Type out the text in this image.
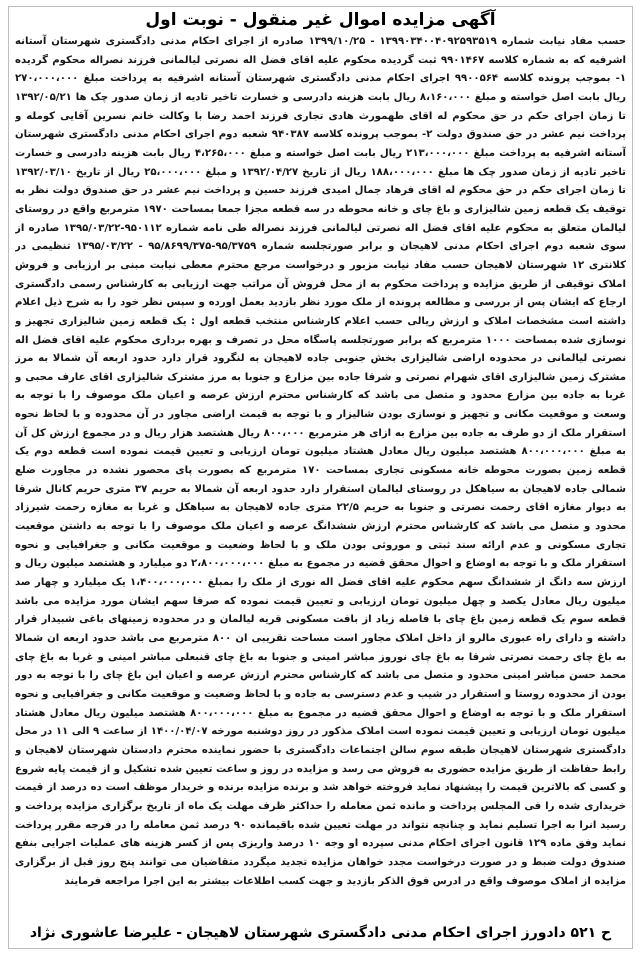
آگهی مزایده اموال غیر منقول - نوبت اول

حسب مفاد نیابت شماره ۱۳۹۹۰۳۴۰۰۴۰۹۲۵۹۳۵۱۹ - ۱۳۹۹/۱۰/۲۵ صادره از اجرای احکام مدنی دادگستری شهرستان آستانه اشرفیه که به شماره کلاسه ۹۹۰۱۴۶۷ ثبت گردیده محکوم علیه اقای فضل اله نصرتی لیالمانی فرزند نصراله محکوم گردیده ۱- بموجب پرونده کلاسه ۹۹۰۰۵۶۴ اجرای احکام مدنی دادگستری شهرستان آستانه اشرفیه به پرداخت مبلغ ۲۷۰،۰۰۰،۰۰۰ ریال بابت اصل خواسته و مبلغ ۸،۱۶۰،۰۰۰ ریال بابت هزینه دادرسی و خسارت تاخیر تادیه از زمان صدور چک ها ۱۳۹۲/۰۵/۲۱ تا زمان اجرای حکم در حق محکوم له اقای طهمورث هادی تجاری فرزند احمد رضا با وکالت خانم نسرین آقایی کومله و پرداخت نیم عشر در حق صندوق دولت ۲- بموجب پرونده کلاسه ۹۴۰۳۸۷ شعبه دوم اجرای احکام مدنی دادگستری شهرستان آستانه اشرفیه به پرداخت مبلغ ۲۱۳،۰۰۰،۰۰۰ ریال بابت اصل خواسته و مبلغ ۴،۲۶۵،۰۰۰ ریال بابت هزینه دادرسی و خسارت تاخیر تادیه از زمان صدور چک ها مبلغ ۱۸۸،۰۰۰،۰۰۰ ریال از تاریخ ۱۳۹۲/۰۴/۲۷ و مبلغ ۲۵،۰۰۰،۰۰۰ ریال از تاریخ ۱۳۹۲/۰۳/۱۰ تا زمان اجرای حکم در حق محکوم له اقای فرهاد جمال امیدی فرزند حسین و پرداخت نیم عشر در حق صندوق دولت نظر به توقیف یک قطعه زمین شالیزاری و باغ چای و خانه محوطه در سه قطعه مجزا جمعا بمساحت ۱۹۷۰ مترمربع واقع در روستای لیالمان متعلق به محکوم علیه اقای فضل اله نصرتی لیالمانی فرزند نصراله طی نامه شماره ۹۵۰۱۱۲-۱۳۹۵/۰۳/۲۲ صادره از سوی شعبه دوم اجرای احکام مدنی لاهیجان و برابر صورتجلسه شماره ۹۵/۳۷۵۹-۹۵/۸۶۹۹/۳۷۵ - ۱۳۹۵/۰۳/۲۲ تنظیمی در کلانتری ۱۲ شهرستان لاهیجان حسب مفاد نیابت مزبور و درخواست مرجع محترم معطی نیابت مبنی بر ارزیابی و فروش املاک توقیفی از طریق مزایده و پرداخت محکوم به از محل فروش آن مراتب جهت ارزیابی به کارشناس رسمی دادگستری ارجاع که ایشان پس از بررسی و مطالعه پرونده از ملک مورد نظر بازدید بعمل اورده و سپس نظر خود را به شرح ذیل اعلام داشته است مشخصات املاک و ارزش ریالی حسب اعلام کارشناس منتخب قطعه اول : یک قطعه زمین شالیزاری تجهیز و نوسازی شده بمساحت ۱۰۰۰ مترمربع که برابر صورتجلسه پاسگاه محل در تصرف و بهره برداری محکوم علیه اقای فضل اله نصرتی لیالمانی در محدوده اراضی شالیزاری بخش جنوبی جاده لاهیجان به لنگرود قرار دارد حدود اربعه آن شمالا به مرز مشترک زمین شالیزاری اقای شهرام نصرتی و شرقا جاده بین مزارع و جنوبا به مرز مشترک شالیزاری اقای عارف محبی و غربا به جاده بین مزارع محدود و متصل می باشد که کارشناس محترم ارزش عرصه و اعیان ملک موصوف را با توجه به وسعت و موقعیت مکانی و تجهیز و نوسازی بودن شالیزار و با توجه به قیمت اراضی مجاور در آن محدوده و با لحاظ نحوه استقرار ملک از دو طرف به جاده بین مزارع به ازای هر مترمربع ۸۰۰،۰۰۰ ریال هشتصد هزار ریال و در مجموع ارزش کل آن به مبلغ ۸۰۰،۰۰۰،۰۰۰ هشتصد میلیون ریال معادل هشتاد میلیون تومان ارزیابی و تعیین قیمت نموده است قطعه دوم یک قطعه زمین بصورت محوطه خانه مسکونی تجاری بمساحت ۱۷۰ مترمربع که بصورت پای محصور نشده در مجاورت ضلع شمالی جاده لاهیجان به سیاهکل در روستای لیالمان استقرار دارد حدود اربعه آن شمالا به حریم ۳۷ متری حریم کانال شرقا به دیوار مغازه اقای رحمت نصرتی و جنوبا به حریم ۲۲/۵ متری جاده لاهیجان به سیاهکل و غربا به مغازه رحمت شیرزاد محدود و متصل می باشد که کارشناس محترم ارزش ششدانگ عرصه و اعیان ملک موصوف را با توجه به داشتن موقعیت تجاری مسکونی و عدم ارائه سند ثبتی و موروثی بودن ملک و با لحاظ وضعیت و موقعیت مکانی و جغرافیایی و نحوه استقرار ملک و با توجه به اوضاع و احوال محقق قضیه در مجموع به مبلغ ۲،۸۰۰،۰۰۰،۰۰۰ دو میلیارد و هشتصد میلیون ریال و ارزش سه دانگ از ششدانگ سهم محکوم علیه اقای فضل اله نوری از ملک را بمبلغ ۱،۴۰۰،۰۰۰،۰۰۰ یک میلیارد و چهار صد میلیون ریال معادل یکصد و چهل میلیون تومان ارزیابی و تعیین قیمت نموده که صرفا سهم ایشان مورد مزایده می باشد قطعه سوم یک قطعه زمین باغ چای با فاصله زیاد از بافت مسکونی قریه لیالمان و در محدوده زمینهای باغی شبیدار قرار داشته و دارای راه عبوری مالرو از داخل املاک مجاور است مساحت تقریبی ان ۸۰۰ مترمربع می باشد حدود اربعه ان شمالا به باغ چای رحمت نصرتی شرقا به باغ چای نوروز مباشر امینی و جنوبا به باغ چای قنبعلی مباشر امینی و غربا به باغ چای محمد حسن مباشر امینی محدود و متصل می باشد که کارشناس محترم ارزش عرصه و اعیان این باغ چای را با توجه به دور بودن از محدوده روستا و استقرار در شیب و عدم دسترسی به جاده و با لحاظ وضعیت و موقعیت مکانی و جغرافیایی و نحوه استقرار ملک و با توجه به اوضاع و احوال محقق قضیه در مجموع به مبلغ ۸۰۰،۰۰۰،۰۰۰ هشتصد میلیون ریال معادل هشتاد میلیون تومان ارزیابی و تعیین قیمت نموده است املاک مذکور در روز دوشنبه مورخه ۱۴۰۰/۰۴/۰۷ از ساعت ۹ الی ۱۱ در محل دادگستری شهرستان لاهیجان طبقه سوم سالن اجتماعات دادگستری با حضور نماینده محترم دادستان شهرستان لاهیجان و رابط حفاظت از طریق مزایده حضوری به فروش می رسد و مزایده در روز و ساعت تعیین شده تشکیل و از قیمت پایه شروع و کسی که بالاترین قیمت را پیشنهاد نماید فروخته خواهد شد و برنده مزایده برنده و خریدار موظف است ده درصد از قیمت خریداری شده را فی المجلس پرداخت و مانده ثمن معامله را حداکثر ظرف مهلت یک ماه از تاریخ برگزاری مزایده پرداخت و رسید انرا به اجرا تسلیم نماید و چنانچه نتواند در مهلت تعیین شده باقیمانده ۹۰ درصد ثمن معامله را در فرجه مقرر پرداخت نماید وفق ماده ۱۲۹ قانون اجرای احکام مدنی سپرده او وجه ۱۰ درصد واریزی پس از کسر هزینه های عملیات اجرایی بنفع صندوق دولت ضبط و در صورت درخواست مجدد خواهان مزایده تجدید میگردد متقاضیان می توانند پنج روز قبل از برگزاری مزایده از املاک موصوف واقع در ادرس فوق الذکر بازدید و جهت کسب اطلاعات بیشتر به این اجرا مراجعه فرمایند

ح ۵۲۱ دادورز اجرای احکام مدنی دادگستری شهرستان لاهیجان-علیرضا عاشوری نژاد
